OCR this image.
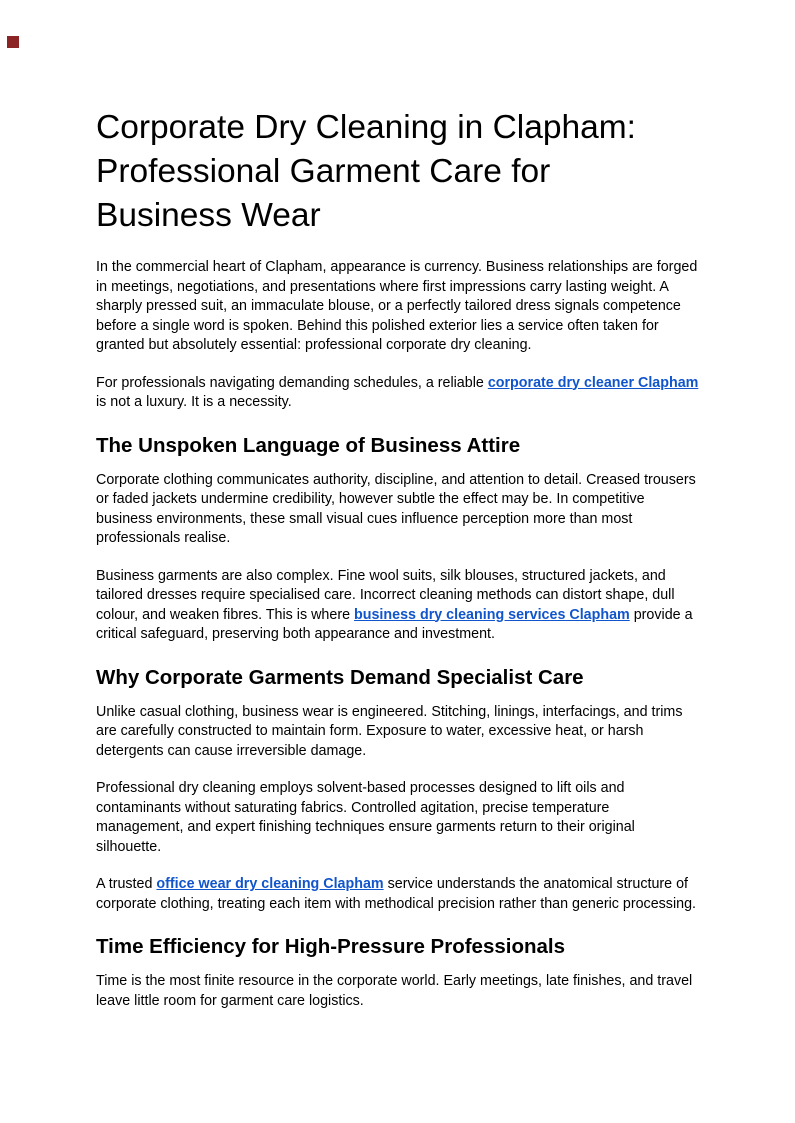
Corporate Dry Cleaning in Clapham:
Professional Garment Care for
Business Wear

In the commercial heart of Clapham, appearance is currency. Business relationships are forged in meetings, negotiations, and presentations where first impressions carry lasting weight. A sharply pressed suit, an immaculate blouse, or a perfectly tailored dress signals competence before a single word is spoken. Behind this polished exterior lies a service often taken for granted but absolutely essential: professional corporate dry cleaning.

For professionals navigating demanding schedules, a reliable corporate dry cleaner Clapham is not a luxury. It is a necessity.

The Unspoken Language of Business Attire

Corporate clothing communicates authority, discipline, and attention to detail. Creased trousers or faded jackets undermine credibility, however subtle the effect may be. In competitive business environments, these small visual cues influence perception more than most professionals realise.

Business garments are also complex. Fine wool suits, silk blouses, structured jackets, and tailored dresses require specialised care. Incorrect cleaning methods can distort shape, dull colour, and weaken fibres. This is where business dry cleaning services Clapham provide a critical safeguard, preserving both appearance and investment.

Why Corporate Garments Demand Specialist Care

Unlike casual clothing, business wear is engineered. Stitching, linings, interfacings, and trims are carefully constructed to maintain form. Exposure to water, excessive heat, or harsh detergents can cause irreversible damage.

Professional dry cleaning employs solvent-based processes designed to lift oils and contaminants without saturating fabrics. Controlled agitation, precise temperature management, and expert finishing techniques ensure garments return to their original silhouette.

A trusted office wear dry cleaning Clapham service understands the anatomical structure of corporate clothing, treating each item with methodical precision rather than generic processing.

Time Efficiency for High-Pressure Professionals

Time is the most finite resource in the corporate world. Early meetings, late finishes, and travel leave little room for garment care logistics.
